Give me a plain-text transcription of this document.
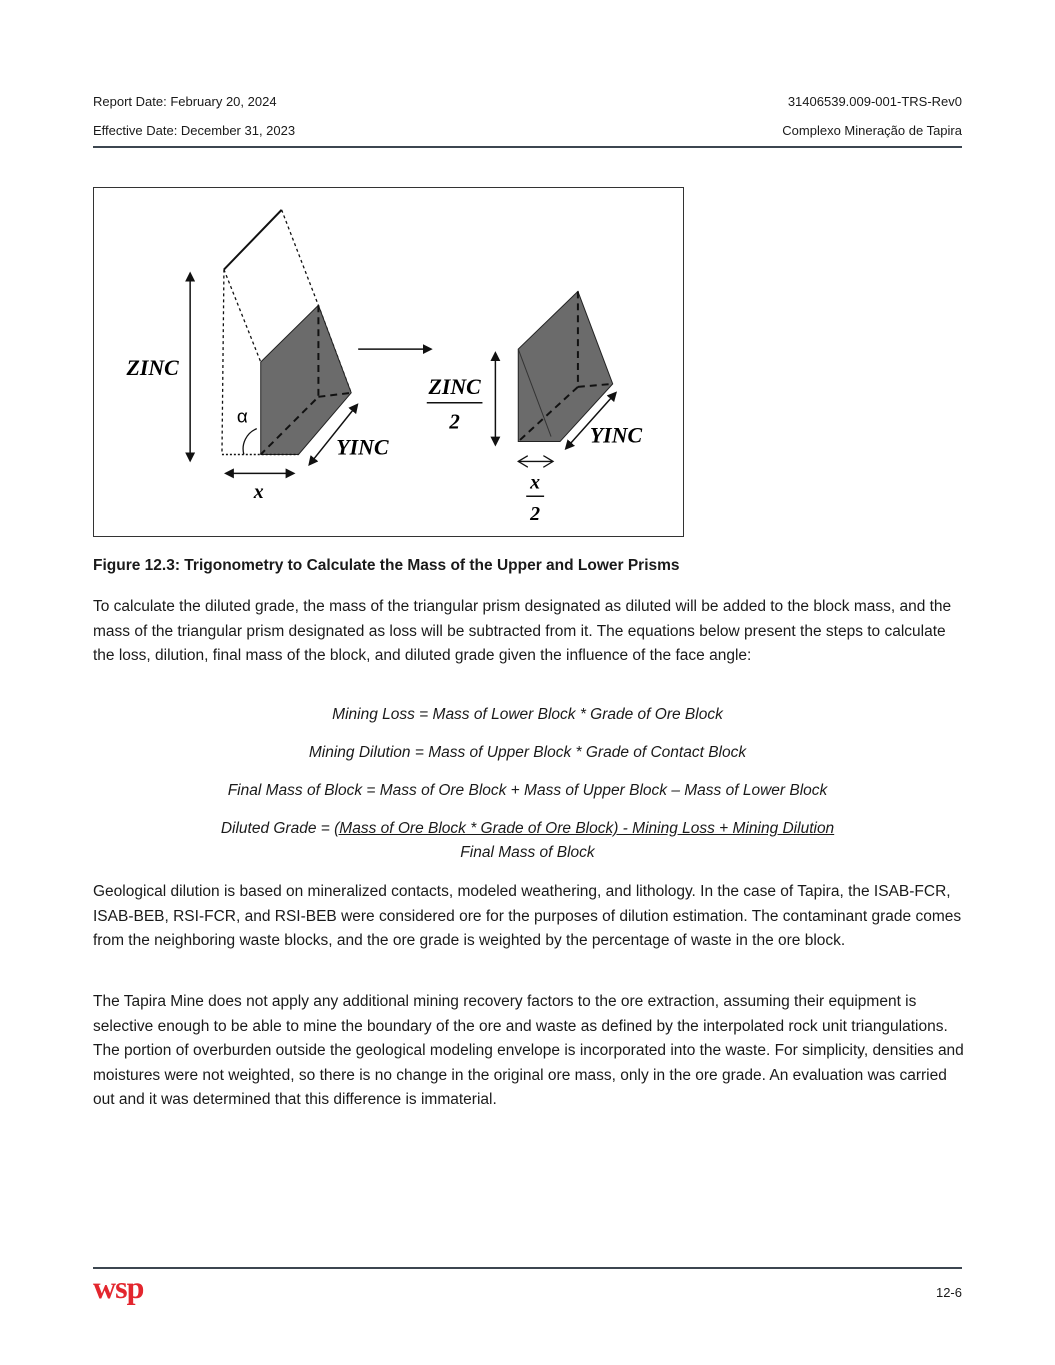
Report Date: February 20, 2024	31406539.009-001-TRS-Rev0
Effective Date: December 31, 2023	Complexo Mineração de Tapira
ZINC
α
YINC
x
ZINC
2
YINC
x
2
Figure 12.3: Trigonometry to Calculate the Mass of the Upper and Lower Prisms
To calculate the diluted grade, the mass of the triangular prism designated as diluted will be added to the block mass, and the mass of the triangular prism designated as loss will be subtracted from it. The equations below present the steps to calculate the loss, dilution, final mass of the block, and diluted grade given the influence of the face angle:
Mining Loss = Mass of Lower Block * Grade of Ore Block
Mining Dilution = Mass of Upper Block * Grade of Contact Block
Final Mass of Block = Mass of Ore Block + Mass of Upper Block – Mass of Lower Block
Diluted Grade = (Mass of Ore Block * Grade of Ore Block) - Mining Loss + Mining Dilution
Final Mass of Block
Geological dilution is based on mineralized contacts, modeled weathering, and lithology. In the case of Tapira, the ISAB-FCR, ISAB-BEB, RSI-FCR, and RSI-BEB were considered ore for the purposes of dilution estimation. The contaminant grade comes from the neighboring waste blocks, and the ore grade is weighted by the percentage of waste in the ore block.
The Tapira Mine does not apply any additional mining recovery factors to the ore extraction, assuming their equipment is selective enough to be able to mine the boundary of the ore and waste as defined by the interpolated rock unit triangulations. The portion of overburden outside the geological modeling envelope is incorporated into the waste. For simplicity, densities and moistures were not weighted, so there is no change in the original ore mass, only in the ore grade. An evaluation was carried out and it was determined that this difference is immaterial.
wsp	12-6
